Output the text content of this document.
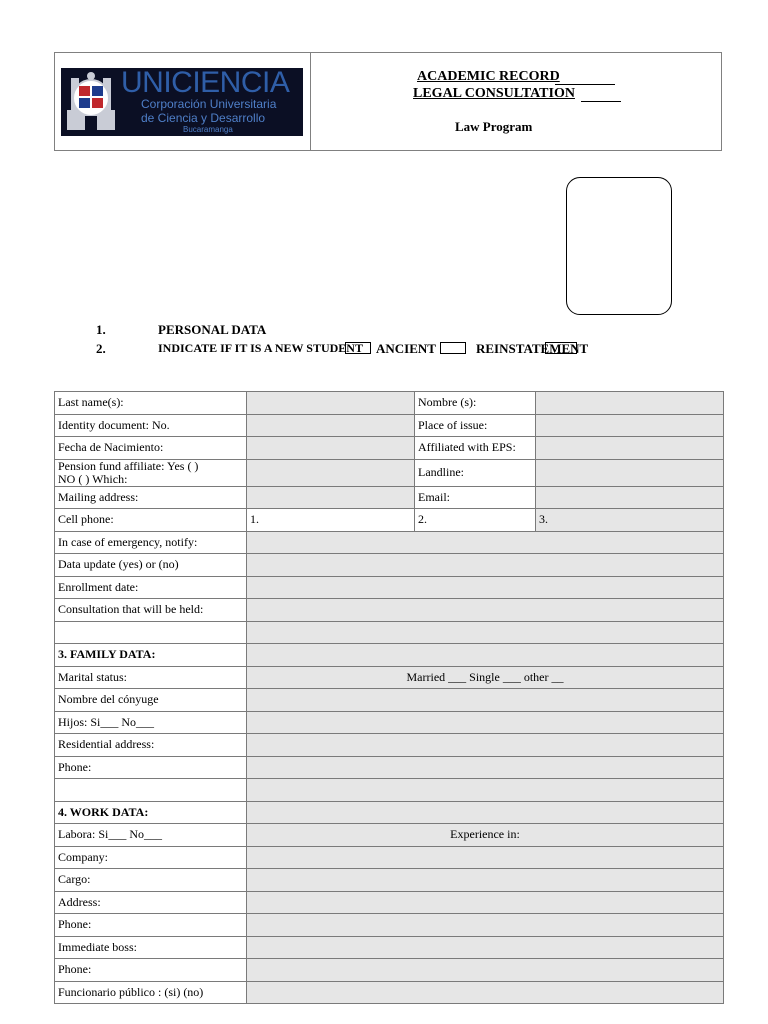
UNICIENCIA
Corporación Universitaria
de Ciencia y Desarrollo
Bucaramanga
ACADEMIC RECORD
LEGAL CONSULTATION
Law Program
1.	PERSONAL DATA
2.	INDICATE IF IT IS A NEW STUDENT ANCIENT	REINSTATEMENT
Last name(s):		Nombre (s):	
Identity document: No.		Place of issue:	
Fecha de Nacimiento:		Affiliated with EPS:	

Pension fund affiliate: Yes ( )
NO ( ) Which:		Landline:	
Mailing address:		Email:	
Cell phone:	1.	2.	3.
In case of emergency, notify:			
Data update (yes) or (no)			
Enrollment date:			
Consultation that will be held:			

3. FAMILY DATA:			
Marital status:	Married ___ Single ___ other __		
Nombre del cónyuge			
Hijos: Si___ No___			
Residential address:			
Phone:			

4. WORK DATA:			
Labora: Si___ No___	Experience in:		
Company:			
Cargo:			
Address:			
Phone:			
Immediate boss:			
Phone:			
Funcionario público : (si) (no)			
